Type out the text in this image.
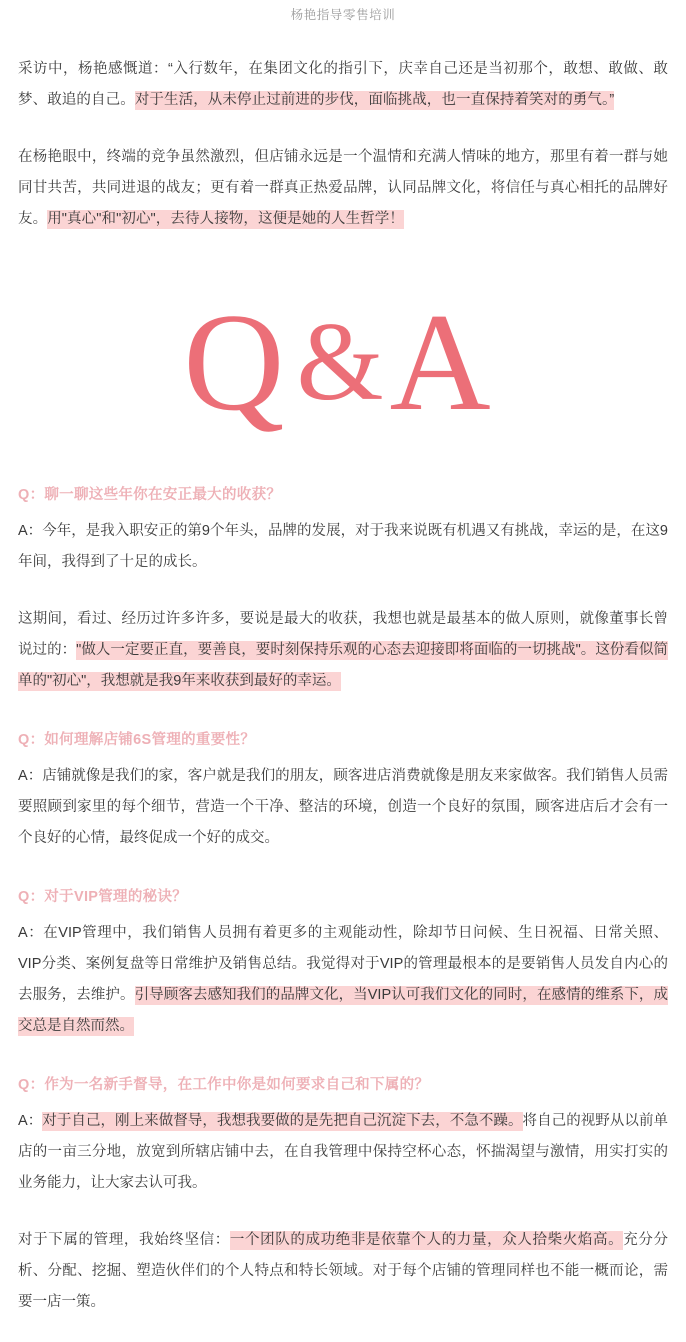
杨艳指导零售培训

采访中，杨艳感慨道：“入行数年，在集团文化的指引下，庆幸自己还是当初那个，敢想、敢做、敢梦、敢追的自己。对于生活，从未停止过前进的步伐，面临挑战，也一直保持着笑对的勇气。”

在杨艳眼中，终端的竞争虽然激烈，但店铺永远是一个温情和充满人情味的地方，那里有着一群与她同甘共苦，共同进退的战友；更有着一群真正热爱品牌，认同品牌文化，将信任与真心相托的品牌好友。用"真心"和"初心"，去待人接物，这便是她的人生哲学！

Q&A

Q：聊一聊这些年你在安正最大的收获？

A：今年，是我入职安正的第9个年头，品牌的发展，对于我来说既有机遇又有挑战，幸运的是，在这9年间，我得到了十足的成长。

这期间，看过、经历过许多许多，要说是最大的收获，我想也就是最基本的做人原则，就像董事长曾说过的："做人一定要正直，要善良，要时刻保持乐观的心态去迎接即将面临的一切挑战"。这份看似简单的"初心"，我想就是我9年来收获到最好的幸运。

Q：如何理解店铺6S管理的重要性？

A：店铺就像是我们的家，客户就是我们的朋友，顾客进店消费就像是朋友来家做客。我们销售人员需要照顾到家里的每个细节，营造一个干净、整洁的环境，创造一个良好的氛围，顾客进店后才会有一个良好的心情，最终促成一个好的成交。

Q：对于VIP管理的秘诀？

A：在VIP管理中，我们销售人员拥有着更多的主观能动性，除却节日问候、生日祝福、日常关照、VIP分类、案例复盘等日常维护及销售总结。我觉得对于VIP的管理最根本的是要销售人员发自内心的去服务，去维护。引导顾客去感知我们的品牌文化，当VIP认可我们文化的同时，在感情的维系下，成交总是自然而然。

Q：作为一名新手督导，在工作中你是如何要求自己和下属的？

A：对于自己，刚上来做督导，我想我要做的是先把自己沉淀下去，不急不躁。将自己的视野从以前单店的一亩三分地，放宽到所辖店铺中去，在自我管理中保持空杯心态，怀揣渴望与激情，用实打实的业务能力，让大家去认可我。

对于下属的管理，我始终坚信：一个团队的成功绝非是依靠个人的力量，众人拾柴火焰高。充分分析、分配、挖掘、塑造伙伴们的个人特点和特长领域。对于每个店铺的管理同样也不能一概而论，需要一店一策。
